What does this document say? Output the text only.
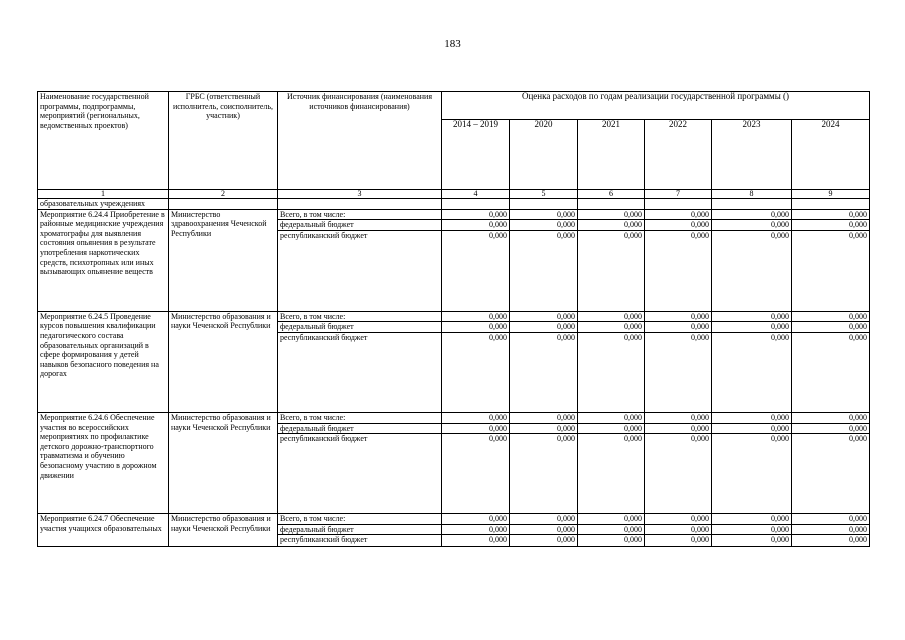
183
Наименование государственной программы, подпрограммы, мероприятий (региональных, ведомственных проектов)	ГРБС (ответственный исполнитель, соисполнитель, участник)	Источник финансирования (наименования источников финансирования)	Оценка расходов по годам реализации государственной программы ()					
			2014 – 2019	2020	2021	2022	2023	2024
1	2	3	4	5	6	7	8	9
образовательных учреждениях								
Мероприятие 6.24.4 Приобретение в районные медицинские учреждения хроматографы для выявления состояния опьянения в результате употребления наркотических средств, психотропных или иных вызывающих опьянение веществ	Министерство здравоохранения Чеченской Республики	Всего, в том числе:	0,000	0,000	0,000	0,000	0,000	0,000
		федеральный бюджет	0,000	0,000	0,000	0,000	0,000	0,000
		республиканский бюджет	0,000	0,000	0,000	0,000	0,000	0,000
Мероприятие 6.24.5 Проведение курсов повышения квалификации педагогического состава образовательных организаций в сфере формирования у детей навыков безопасного поведения на дорогах	Министерство образования и науки Чеченской Республики	Всего, в том числе:	0,000	0,000	0,000	0,000	0,000	0,000
		федеральный бюджет	0,000	0,000	0,000	0,000	0,000	0,000
		республиканский бюджет	0,000	0,000	0,000	0,000	0,000	0,000
Мероприятие 6.24.6 Обеспечение участия во всероссийских мероприятиях по профилактике детского дорожно-транспортного травматизма и обучению безопасному участию в дорожном движении	Министерство образования и науки Чеченской Республики	Всего, в том числе:	0,000	0,000	0,000	0,000	0,000	0,000
		федеральный бюджет	0,000	0,000	0,000	0,000	0,000	0,000
		республиканский бюджет	0,000	0,000	0,000	0,000	0,000	0,000
Мероприятие 6.24.7 Обеспечение участия учащихся образовательных	Министерство образования и науки Чеченской Республики	Всего, в том числе:	0,000	0,000	0,000	0,000	0,000	0,000
		федеральный бюджет	0,000	0,000	0,000	0,000	0,000	0,000
		республиканский бюджет	0,000	0,000	0,000	0,000	0,000	0,000
